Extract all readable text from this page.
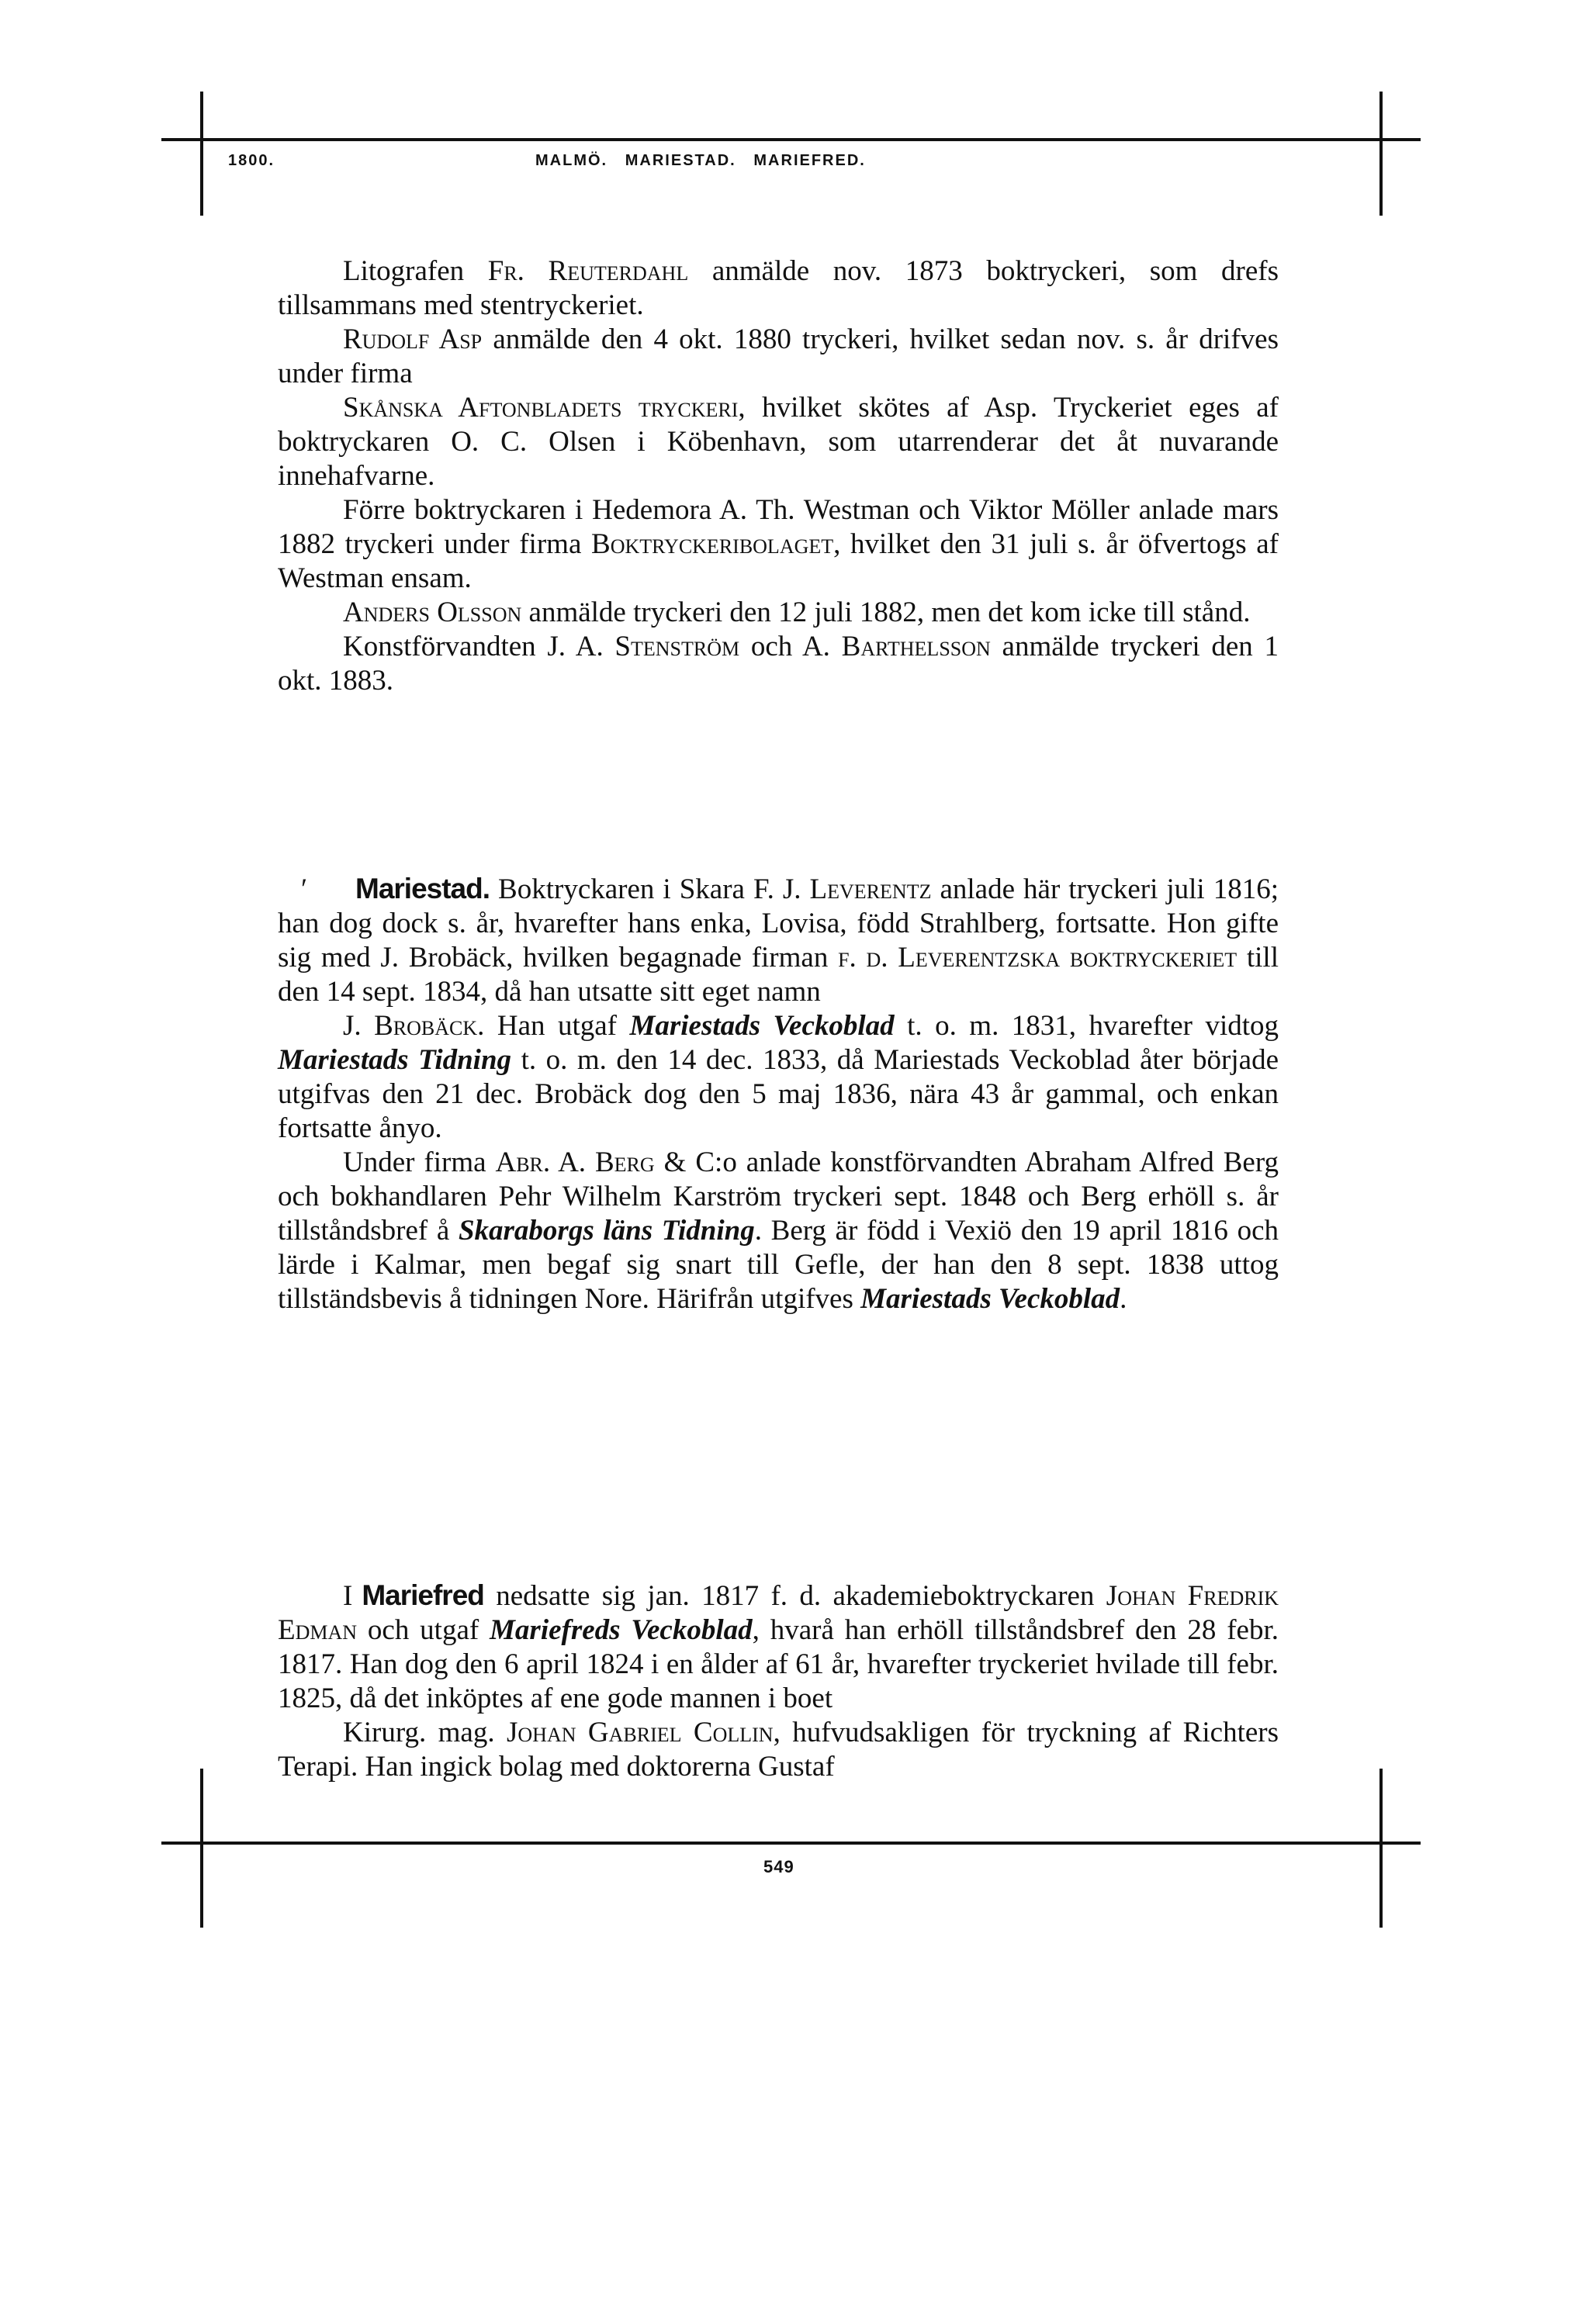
1800.	MALMÖ.   MARIESTAD.   MARIEFRED.

Litografen Fr. Reuterdahl anmälde nov. 1873 boktryckeri, som drefs tillsammans med stentryckeriet.

Rudolf Asp anmälde den 4 okt. 1880 tryckeri, hvilket sedan nov. s. år drifves under firma

Skånska Aftonbladets tryckeri, hvilket skötes af Asp. Tryckeriet eges af boktryckaren O. C. Olsen i Köbenhavn, som utarrenderar det åt nuvarande innehafvarne.

Förre boktryckaren i Hedemora A. Th. Westman och Viktor Möller anlade mars 1882 tryckeri under firma Boktryckeribolaget, hvilket den 31 juli s. år öfvertogs af Westman ensam.

Anders Olsson anmälde tryckeri den 12 juli 1882, men det kom icke till stånd.

Konstförvandten J. A. Stenström och A. Barthelsson anmälde tryckeri den 1 okt. 1883.

′ Mariestad. Boktryckaren i Skara F. J. Leverentz anlade här tryckeri juli 1816; han dog dock s. år, hvarefter hans enka, Lovisa, född Strahlberg, fortsatte. Hon gifte sig med J. Brobäck, hvilken begagnade firman f. d. Leverentzska boktryckeriet till den 14 sept. 1834, då han utsatte sitt eget namn

J. Brobäck. Han utgaf Mariestads Veckoblad t. o. m. 1831, hvarefter vidtog Mariestads Tidning t. o. m. den 14 dec. 1833, då Mariestads Veckoblad åter började utgifvas den 21 dec. Brobäck dog den 5 maj 1836, nära 43 år gammal, och enkan fortsatte ånyo.

Under firma Abr. A. Berg & C:o anlade konstförvandten Abraham Alfred Berg och bokhandlaren Pehr Wilhelm Karström tryckeri sept. 1848 och Berg erhöll s. år tillståndsbref å Skaraborgs läns Tidning. Berg är född i Vexiö den 19 april 1816 och lärde i Kalmar, men begaf sig snart till Gefle, der han den 8 sept. 1838 uttog tillständsbevis å tidningen Nore. Härifrån utgifves Mariestads Veckoblad.

I Mariefred nedsatte sig jan. 1817 f. d. akademieboktryckaren Johan Fredrik Edman och utgaf Mariefreds Veckoblad, hvarå han erhöll tillståndsbref den 28 febr. 1817. Han dog den 6 april 1824 i en ålder af 61 år, hvarefter tryckeriet hvilade till febr. 1825, då det inköptes af ene gode mannen i boet

Kirurg. mag. Johan Gabriel Collin, hufvudsakligen för tryckning af Richters Terapi. Han ingick bolag med doktorerna Gustaf

549
